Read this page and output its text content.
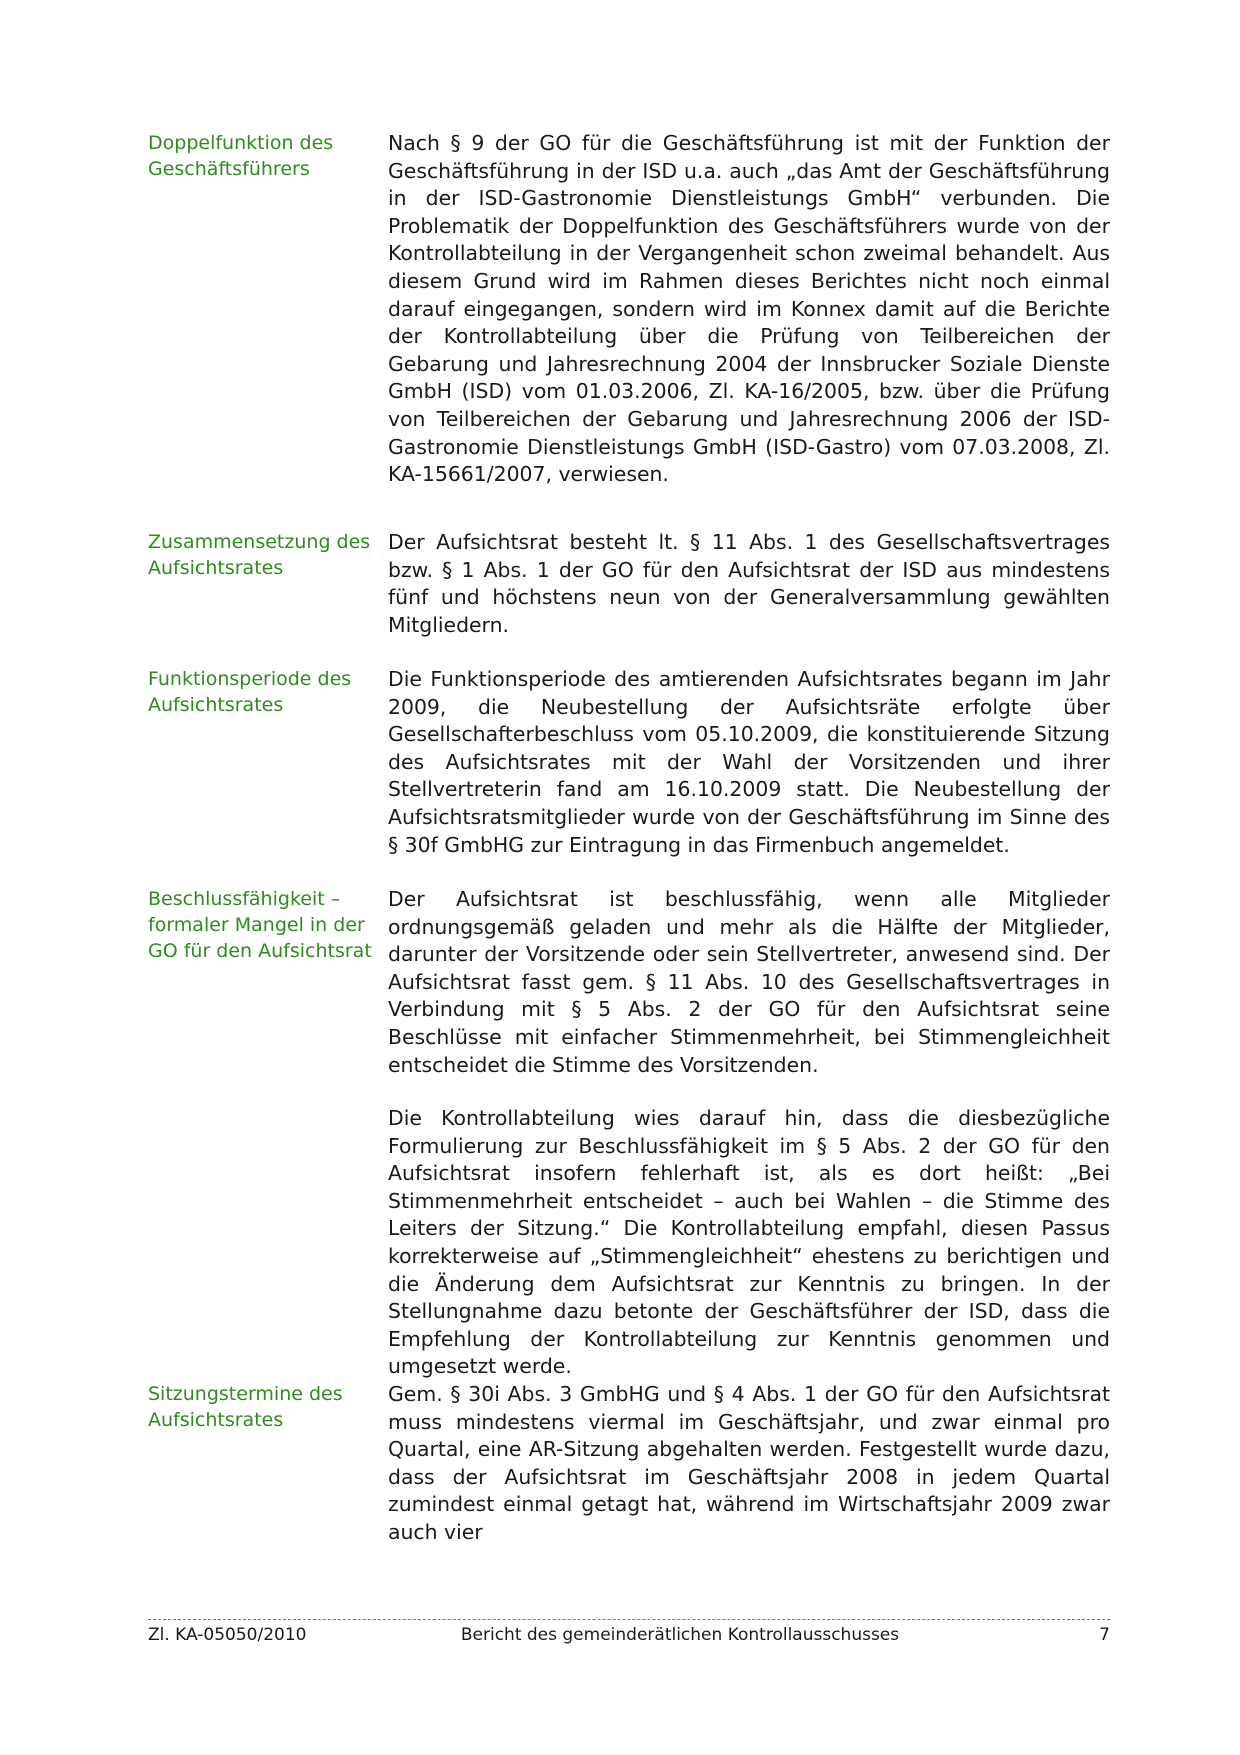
Doppelfunktion des Geschäftsführers
Nach § 9 der GO für die Geschäftsführung ist mit der Funktion der Geschäftsführung in der ISD u.a. auch „das Amt der Geschäftsführung in der ISD-Gastronomie Dienstleistungs GmbH“ verbunden. Die Problematik der Doppelfunktion des Geschäftsführers wurde von der Kontrollabteilung in der Vergangenheit schon zweimal behandelt. Aus diesem Grund wird im Rahmen dieses Berichtes nicht noch einmal darauf eingegangen, sondern wird im Konnex damit auf die Berichte der Kontrollabteilung über die Prüfung von Teilbereichen der Gebarung und Jahresrechnung 2004 der Innsbrucker Soziale Dienste GmbH (ISD) vom 01.03.2006, Zl. KA-16/2005, bzw. über die Prüfung von Teilbereichen der Gebarung und Jahresrechnung 2006 der ISD-Gastronomie Dienstleistungs GmbH (ISD-Gastro) vom 07.03.2008, Zl. KA-15661/2007, verwiesen.
Zusammensetzung des Aufsichtsrates
Der Aufsichtsrat besteht lt. § 11 Abs. 1 des Gesellschaftsvertrages bzw. § 1 Abs. 1 der GO für den Aufsichtsrat der ISD aus mindestens fünf und höchstens neun von der Generalversammlung gewählten Mitgliedern.
Funktionsperiode des Aufsichtsrates
Die Funktionsperiode des amtierenden Aufsichtsrates begann im Jahr 2009, die Neubestellung der Aufsichtsräte erfolgte über Gesellschafterbeschluss vom 05.10.2009, die konstituierende Sitzung des Aufsichtsrates mit der Wahl der Vorsitzenden und ihrer Stellvertreterin fand am 16.10.2009 statt. Die Neubestellung der Aufsichtsratsmitglieder wurde von der Geschäftsführung im Sinne des § 30f GmbHG zur Eintragung in das Firmenbuch angemeldet.
Beschlussfähigkeit – formaler Mangel in der GO für den Aufsichtsrat
Der Aufsichtsrat ist beschlussfähig, wenn alle Mitglieder ordnungsgemäß geladen und mehr als die Hälfte der Mitglieder, darunter der Vorsitzende oder sein Stellvertreter, anwesend sind. Der Aufsichtsrat fasst gem. § 11 Abs. 10 des Gesellschaftsvertrages in Verbindung mit § 5 Abs. 2 der GO für den Aufsichtsrat seine Beschlüsse mit einfacher Stimmenmehrheit, bei Stimmengleichheit entscheidet die Stimme des Vorsitzenden.
Die Kontrollabteilung wies darauf hin, dass die diesbezügliche Formulierung zur Beschlussfähigkeit im § 5 Abs. 2 der GO für den Aufsichtsrat insofern fehlerhaft ist, als es dort heißt: „Bei Stimmenmehrheit entscheidet – auch bei Wahlen – die Stimme des Leiters der Sitzung.“ Die Kontrollabteilung empfahl, diesen Passus korrekterweise auf „Stimmengleichheit“ ehestens zu berichtigen und die Änderung dem Aufsichtsrat zur Kenntnis zu bringen. In der Stellungnahme dazu betonte der Geschäftsführer der ISD, dass die Empfehlung der Kontrollabteilung zur Kenntnis genommen und umgesetzt werde.
Sitzungstermine des Aufsichtsrates
Gem. § 30i Abs. 3 GmbHG und § 4 Abs. 1 der GO für den Aufsichtsrat muss mindestens viermal im Geschäftsjahr, und zwar einmal pro Quartal, eine AR-Sitzung abgehalten werden. Festgestellt wurde dazu, dass der Aufsichtsrat im Geschäftsjahr 2008 in jedem Quartal zumindest einmal getagt hat, während im Wirtschaftsjahr 2009 zwar auch vier
Zl. KA-05050/2010	Bericht des gemeinderätlichen Kontrollausschusses	7
